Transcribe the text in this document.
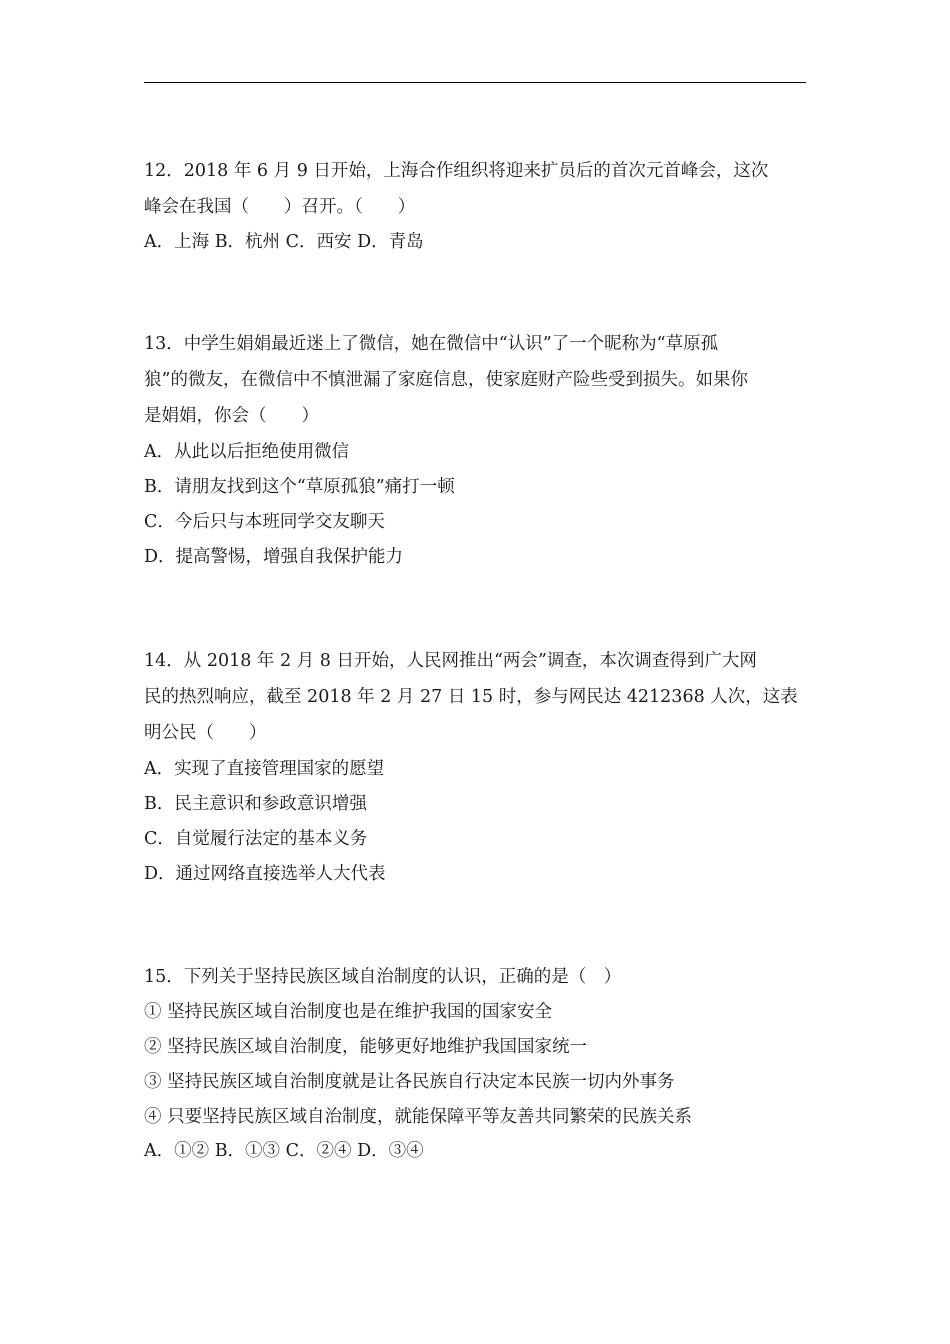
12．2018 年 6 月 9 日开始，上海合作组织将迎来扩员后的首次元首峰会，这次
峰会在我国（　　）召开。（　　）
A．上海 B．杭州 C．西安 D．青岛
13．中学生娟娟最近迷上了微信，她在微信中“认识”了一个昵称为“草原孤
狼”的微友，在微信中不慎泄漏了家庭信息，使家庭财产险些受到损失。如果你
是娟娟，你会（　　）
A．从此以后拒绝使用微信
B．请朋友找到这个“草原孤狼”痛打一顿
C．今后只与本班同学交友聊天
D．提高警惕，增强自我保护能力
14．从 2018 年 2 月 8 日开始，人民网推出“两会”调查，本次调查得到广大网
民的热烈响应，截至 2018 年 2 月 27 日 15 时，参与网民达 4212368 人次，这表
明公民（　　）
A．实现了直接管理国家的愿望
B．民主意识和参政意识增强
C．自觉履行法定的基本义务
D．通过网络直接选举人大代表
15．下列关于坚持民族区域自治制度的认识，正确的是（　）
① 坚持民族区域自治制度也是在维护我国的国家安全
② 坚持民族区域自治制度，能够更好地维护我国国家统一
③ 坚持民族区域自治制度就是让各民族自行决定本民族一切内外事务
④ 只要坚持民族区域自治制度，就能保障平等友善共同繁荣的民族关系
A．①② B．①③ C．②④ D．③④
